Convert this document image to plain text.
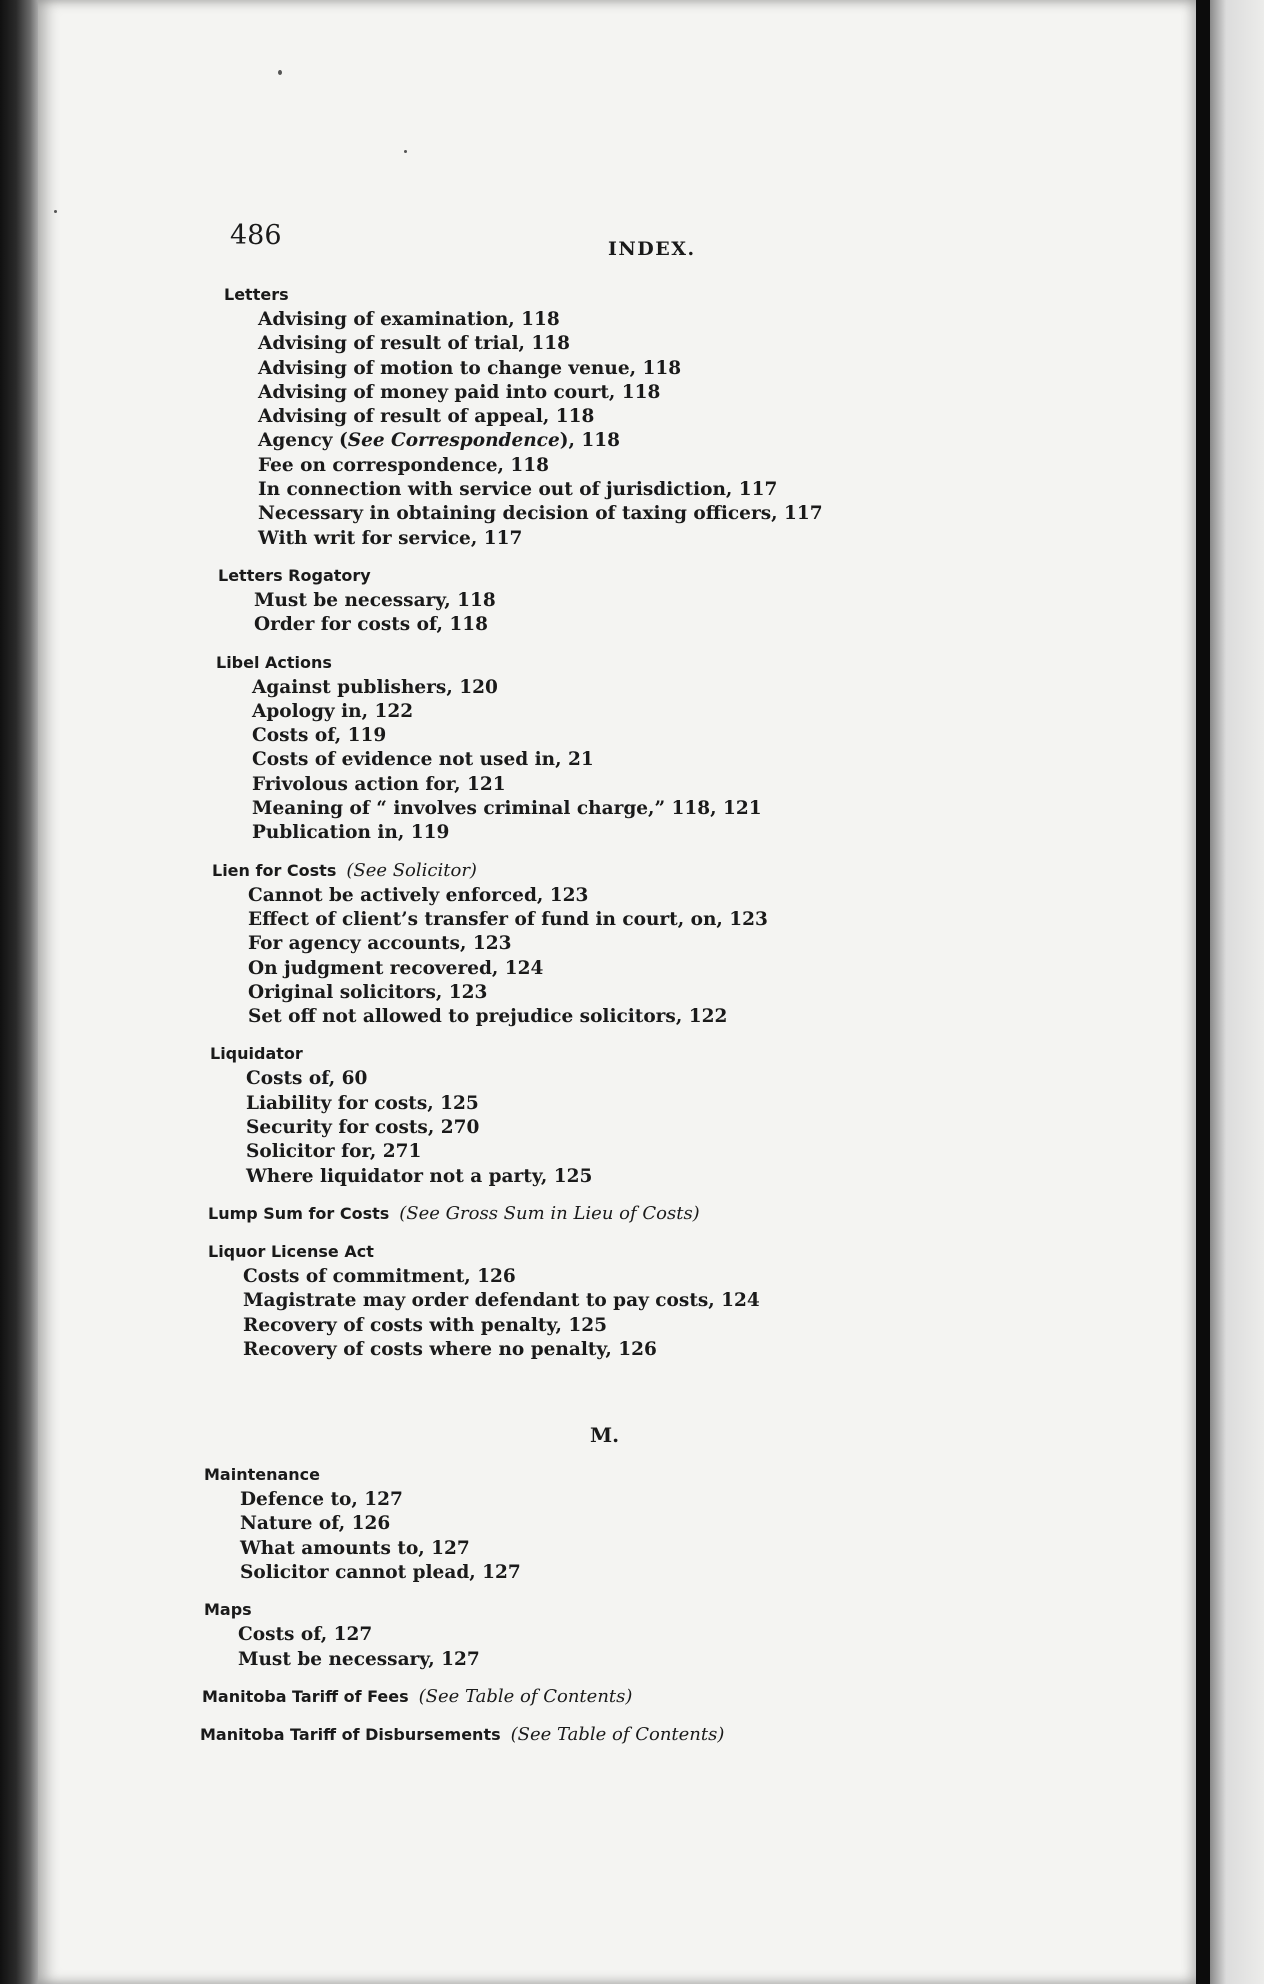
486	INDEX.
Letters
Advising of examination, 118
Advising of result of trial, 118
Advising of motion to change venue, 118
Advising of money paid into court, 118
Advising of result of appeal, 118
Agency (See Correspondence), 118
Fee on correspondence, 118
In connection with service out of jurisdiction, 117
Necessary in obtaining decision of taxing officers, 117
With writ for service, 117
Letters Rogatory
Must be necessary, 118
Order for costs of, 118
Libel Actions
Against publishers, 120
Apology in, 122
Costs of, 119
Costs of evidence not used in, 21
Frivolous action for, 121
Meaning of “ involves criminal charge,” 118, 121
Publication in, 119
Lien for Costs (See Solicitor)
Cannot be actively enforced, 123
Effect of client’s transfer of fund in court, on, 123
For agency accounts, 123
On judgment recovered, 124
Original solicitors, 123
Set off not allowed to prejudice solicitors, 122
Liquidator
Costs of, 60
Liability for costs, 125
Security for costs, 270
Solicitor for, 271
Where liquidator not a party, 125
Lump Sum for Costs (See Gross Sum in Lieu of Costs)
Liquor License Act
Costs of commitment, 126
Magistrate may order defendant to pay costs, 124
Recovery of costs with penalty, 125
Recovery of costs where no penalty, 126
M.
Maintenance
Defence to, 127
Nature of, 126
What amounts to, 127
Solicitor cannot plead, 127
Maps
Costs of, 127
Must be necessary, 127
Manitoba Tariff of Fees (See Table of Contents)
Manitoba Tariff of Disbursements (See Table of Contents)
